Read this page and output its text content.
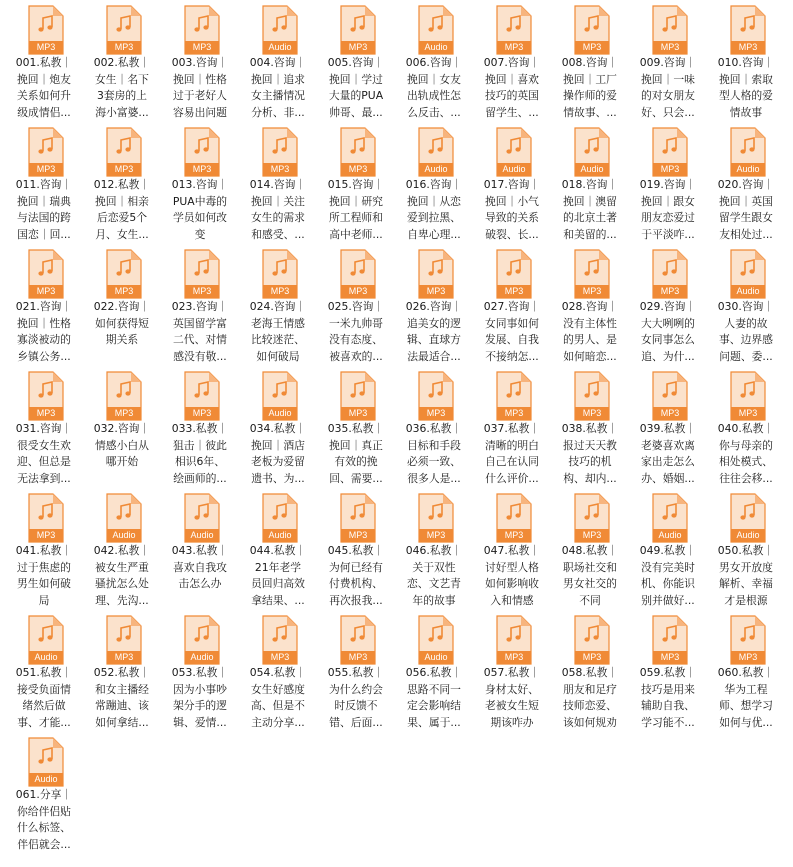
MP3
001.私教｜
挽回｜炮友
关系如何升
级成情侣...
MP3
002.私教｜
女生｜名下
3套房的上
海小富婆...
MP3
003.咨询｜
挽回｜性格
过于老好人
容易出问题
Audio
004.咨询｜
挽回｜追求
女主播情况
分析、非...
MP3
005.咨询｜
挽回｜学过
大量的PUA
帅哥、最...
Audio
006.咨询｜
挽回｜女友
出轨成性怎
么反击、...
MP3
007.咨询｜
挽回｜喜欢
技巧的英国
留学生、...
MP3
008.咨询｜
挽回｜工厂
操作师的爱
情故事、...
MP3
009.咨询｜
挽回｜一味
的对女朋友
好、只会...
MP3
010.咨询｜
挽回｜索取
型人格的爱
情故事
MP3
011.咨询｜
挽回｜瑞典
与法国的跨
国恋｜回...
MP3
012.私教｜
挽回｜相亲
后恋爱5个
月、女生...
MP3
013.咨询｜
PUA中毒的
学员如何改
变
MP3
014.咨询｜
挽回｜关注
女生的需求
和感受、...
MP3
015.咨询｜
挽回｜研究
所工程师和
高中老师...
Audio
016.咨询｜
挽回｜从恋
爱到拉黑、
自卑心理...
Audio
017.咨询｜
挽回｜小气
导致的关系
破裂、长...
Audio
018.咨询｜
挽回｜澳留
的北京土著
和美留的...
MP3
019.咨询｜
挽回｜跟女
朋友恋爱过
于平淡咋...
Audio
020.咨询｜
挽回｜英国
留学生跟女
友相处过...
MP3
021.咨询｜
挽回｜性格
寡淡被动的
乡镇公务...
MP3
022.咨询｜
如何获得短
期关系
MP3
023.咨询｜
英国留学富
二代、对情
感没有敬...
MP3
024.咨询｜
老海王情感
比较迷茫、
如何破局
MP3
025.咨询｜
一米九帅哥
没有态度、
被喜欢的...
MP3
026.咨询｜
追美女的逻
辑、直球方
法最适合...
MP3
027.咨询｜
女同事如何
发展、自我
不接纳怎...
MP3
028.咨询｜
没有主体性
的男人、是
如何暗恋...
MP3
029.咨询｜
大大咧咧的
女同事怎么
追、为什...
Audio
030.咨询｜
人妻的故
事、边界感
问题、委...
MP3
031.咨询｜
很受女生欢
迎、但总是
无法拿到...
MP3
032.咨询｜
情感小白从
哪开始
MP3
033.私教｜
狙击｜彼此
相识6年、
绘画师的...
Audio
034.私教｜
挽回｜酒店
老板为爱留
遗书、为...
MP3
035.私教｜
挽回｜真正
有效的挽
回、需要...
MP3
036.私教｜
目标和手段
必须一致、
很多人是...
MP3
037.私教｜
清晰的明白
自己在认同
什么评价...
MP3
038.私教｜
报过天天教
技巧的机
构、却内...
MP3
039.私教｜
老婆喜欢离
家出走怎么
办、婚姻...
MP3
040.私教｜
你与母亲的
相处模式、
往往会移...
MP3
041.私教｜
过于焦虑的
男生如何破
局
Audio
042.私教｜
被女生严重
骚扰怎么处
理、先沟...
Audio
043.私教｜
喜欢自我攻
击怎么办
Audio
044.私教｜
21年老学
员回归高效
拿结果、...
MP3
045.私教｜
为何已经有
付费机构、
再次报我...
MP3
046.私教｜
关于双性
恋、文艺青
年的故事
MP3
047.私教｜
讨好型人格
如何影响收
入和情感
MP3
048.私教｜
职场社交和
男女社交的
不同
Audio
049.私教｜
没有完美时
机、你能识
别并做好...
Audio
050.私教｜
男女开放度
解析、幸福
才是根源
Audio
051.私教｜
接受负面情
绪然后做
事、才能...
MP3
052.私教｜
和女主播经
常蹦迪、该
如何拿结...
Audio
053.私教｜
因为小事吵
架分手的逻
辑、爱情...
MP3
054.私教｜
女生好感度
高、但是不
主动分享...
MP3
055.私教｜
为什么约会
时反馈不
错、后面...
Audio
056.私教｜
思路不同一
定会影响结
果、属于...
MP3
057.私教｜
身材太好、
老被女生短
期该咋办
MP3
058.私教｜
朋友和足疗
技师恋爱、
该如何规劝
MP3
059.私教｜
技巧是用来
辅助自我、
学习能不...
MP3
060.私教｜
华为工程
师、想学习
如何与优...
Audio
061.分享｜
你给伴侣贴
什么标签、
伴侣就会...
